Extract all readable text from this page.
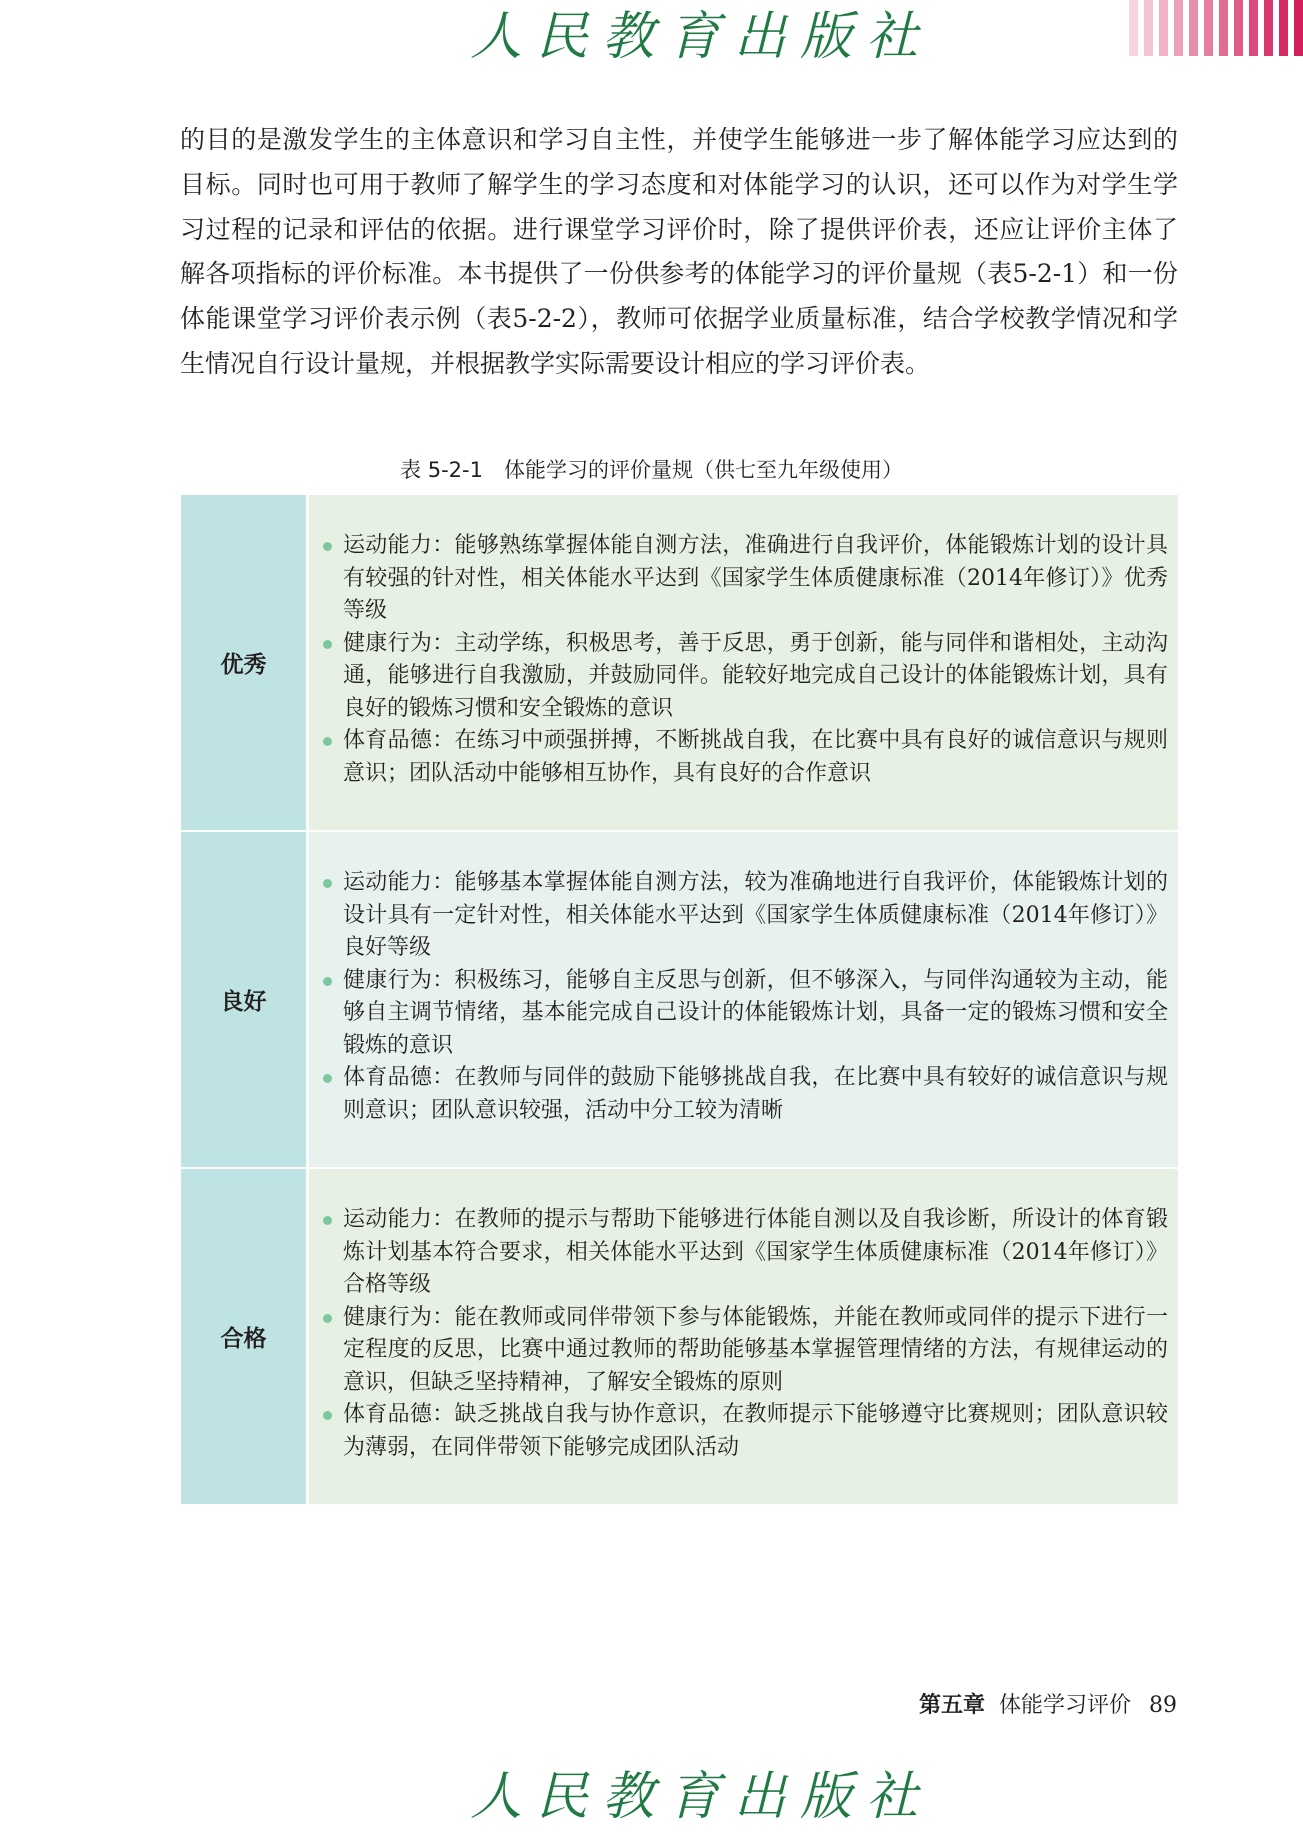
人民教育出版社

的目的是激发学生的主体意识和学习自主性，并使学生能够进一步了解体能学习应达到的目标。同时也可用于教师了解学生的学习态度和对体能学习的认识，还可以作为对学生学习过程的记录和评估的依据。进行课堂学习评价时，除了提供评价表，还应让评价主体了解各项指标的评价标准。本书提供了一份供参考的体能学习的评价量规（表5-2-1）和一份体能课堂学习评价表示例（表5-2-2），教师可依据学业质量标准，结合学校教学情况和学生情况自行设计量规，并根据教学实际需要设计相应的学习评价表。

表 5-2-1　体能学习的评价量规（供七至九年级使用）
优秀
运动能力：能够熟练掌握体能自测方法，准确进行自我评价，体能锻炼计划的设计具有较强的针对性，相关体能水平达到《国家学生体质健康标准（2014年修订）》优秀等级
健康行为：主动学练，积极思考，善于反思，勇于创新，能与同伴和谐相处，主动沟通，能够进行自我激励，并鼓励同伴。能较好地完成自己设计的体能锻炼计划，具有良好的锻炼习惯和安全锻炼的意识
体育品德：在练习中顽强拼搏，不断挑战自我，在比赛中具有良好的诚信意识与规则意识；团队活动中能够相互协作，具有良好的合作意识
良好
运动能力：能够基本掌握体能自测方法，较为准确地进行自我评价，体能锻炼计划的设计具有一定针对性，相关体能水平达到《国家学生体质健康标准（2014年修订）》良好等级
健康行为：积极练习，能够自主反思与创新，但不够深入，与同伴沟通较为主动，能够自主调节情绪，基本能完成自己设计的体能锻炼计划，具备一定的锻炼习惯和安全锻炼的意识
体育品德：在教师与同伴的鼓励下能够挑战自我，在比赛中具有较好的诚信意识与规则意识；团队意识较强，活动中分工较为清晰
合格
运动能力：在教师的提示与帮助下能够进行体能自测以及自我诊断，所设计的体育锻炼计划基本符合要求，相关体能水平达到《国家学生体质健康标准（2014年修订）》合格等级
健康行为：能在教师或同伴带领下参与体能锻炼，并能在教师或同伴的提示下进行一定程度的反思，比赛中通过教师的帮助能够基本掌握管理情绪的方法，有规律运动的意识，但缺乏坚持精神，了解安全锻炼的原则
体育品德：缺乏挑战自我与协作意识，在教师提示下能够遵守比赛规则；团队意识较为薄弱，在同伴带领下能够完成团队活动
第五章 体能学习评价 89
人民教育出版社
